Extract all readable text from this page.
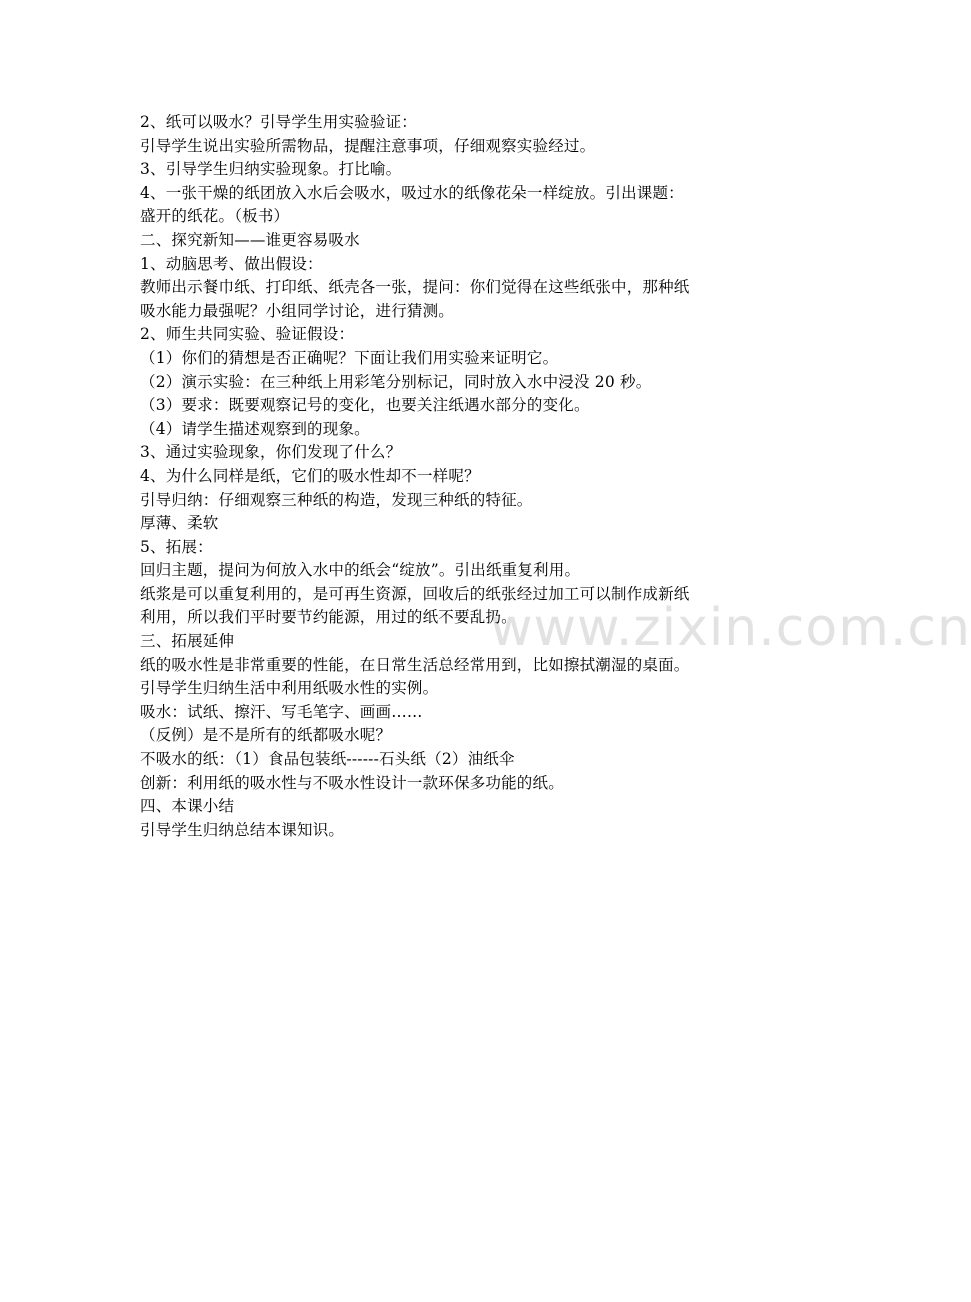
www.zixin.com.cn
2、纸可以吸水？引导学生用实验验证：
引导学生说出实验所需物品，提醒注意事项，仔细观察实验经过。
3、引导学生归纳实验现象。打比喻。
4、一张干燥的纸团放入水后会吸水，吸过水的纸像花朵一样绽放。引出课题：
盛开的纸花。（板书）
二、探究新知——谁更容易吸水
1、动脑思考、做出假设：
教师出示餐巾纸、打印纸、纸壳各一张，提问：你们觉得在这些纸张中，那种纸
吸水能力最强呢？小组同学讨论，进行猜测。
2、师生共同实验、验证假设：
（1）你们的猜想是否正确呢？下面让我们用实验来证明它。
（2）演示实验：在三种纸上用彩笔分别标记，同时放入水中浸没 20 秒。
（3）要求：既要观察记号的变化，也要关注纸遇水部分的变化。
（4）请学生描述观察到的现象。
3、通过实验现象，你们发现了什么？
4、为什么同样是纸，它们的吸水性却不一样呢？
引导归纳：仔细观察三种纸的构造，发现三种纸的特征。
厚薄、柔软
5、拓展：
回归主题，提问为何放入水中的纸会“绽放”。引出纸重复利用。
纸浆是可以重复利用的，是可再生资源，回收后的纸张经过加工可以制作成新纸
利用，所以我们平时要节约能源，用过的纸不要乱扔。
三、拓展延伸
纸的吸水性是非常重要的性能，在日常生活总经常用到，比如擦拭潮湿的桌面。
引导学生归纳生活中利用纸吸水性的实例。
吸水：试纸、擦汗、写毛笔字、画画……
（反例）是不是所有的纸都吸水呢？
不吸水的纸：（1）食品包装纸------石头纸（2）油纸伞
创新：利用纸的吸水性与不吸水性设计一款环保多功能的纸。
四、本课小结
引导学生归纳总结本课知识。
